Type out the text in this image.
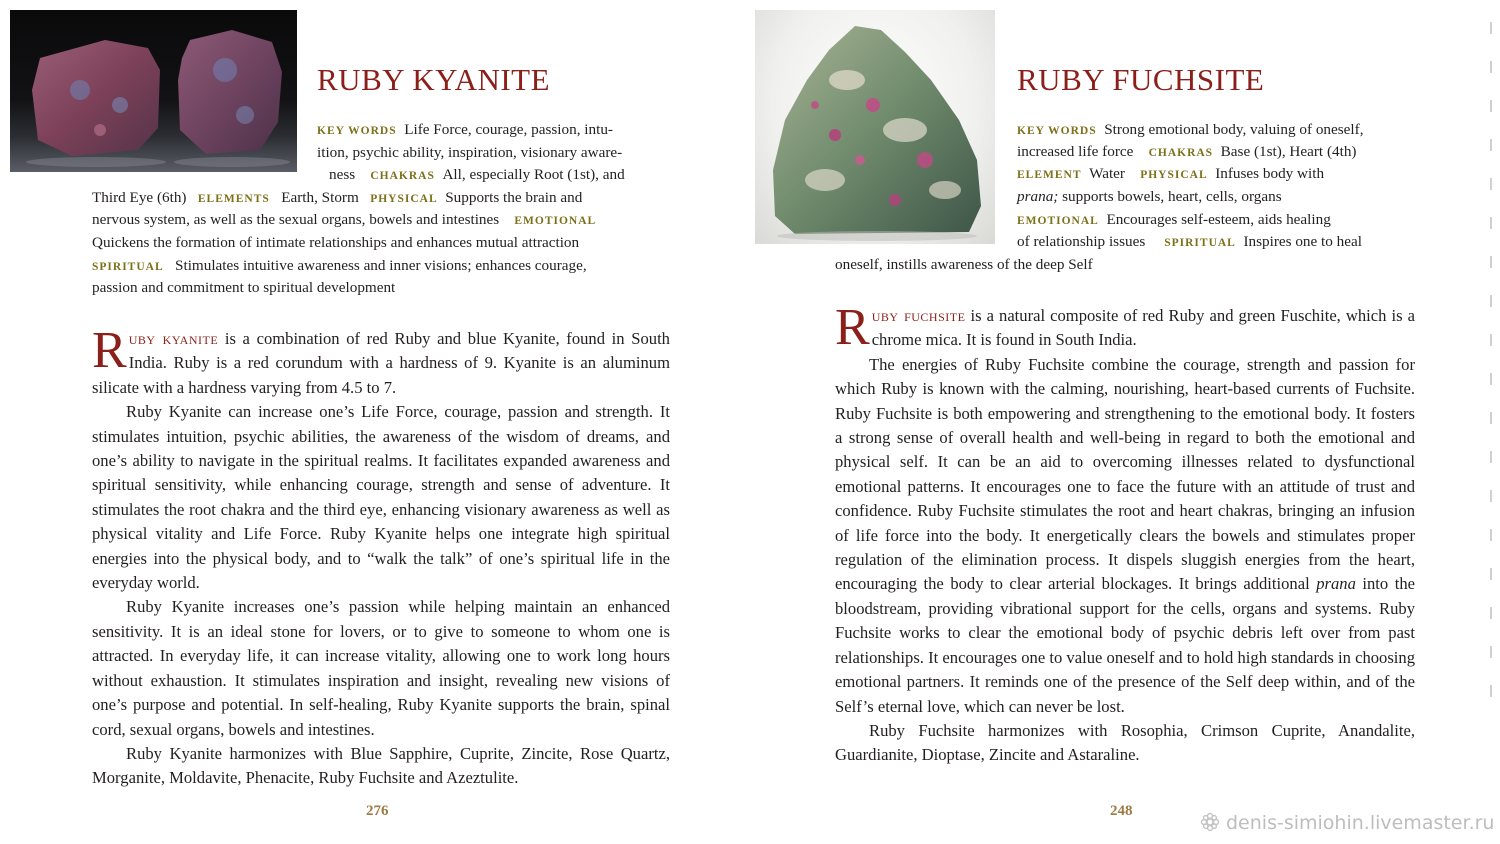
RUBY KYANITE
KEY WORDS Life Force, courage, passion, intu-
ition, psychic ability, inspiration, visionary aware-
ness CHAKRAS All, especially Root (1st), and
Third Eye (6th) ELEMENTS Earth, Storm PHYSICAL Supports the brain and
nervous system, as well as the sexual organs, bowels and intestines EMOTIONAL
Quickens the formation of intimate relationships and enhances mutual attraction
SPIRITUAL Stimulates intuitive awareness and inner visions; enhances courage,
passion and commitment to spiritual development

Ruby kyanite is a combination of red Ruby and blue Kyanite, found in South India. Ruby is a red corundum with a hardness of 9. Kyanite is an aluminum silicate with a hardness varying from 4.5 to 7.

Ruby Kyanite can increase one’s Life Force, courage, passion and strength. It stimulates intuition, psychic abilities, the awareness of the wisdom of dreams, and one’s ability to navigate in the spiritual realms. It facilitates expanded awareness and spiritual sensitivity, while enhancing courage, strength and sense of adventure. It stimulates the root chakra and the third eye, enhancing visionary awareness as well as physical vitality and Life Force. Ruby Kyanite helps one integrate high spiritual energies into the physical body, and to “walk the talk” of one’s spiritual life in the everyday world.

Ruby Kyanite increases one’s passion while helping maintain an enhanced sensitivity. It is an ideal stone for lovers, or to give to someone to whom one is attracted. In everyday life, it can increase vitality, allowing one to work long hours without exhaustion. It stimulates inspiration and insight, revealing new visions of one’s purpose and potential. In self-healing, Ruby Kyanite supports the brain, spinal cord, sexual organs, bowels and intestines.

Ruby Kyanite harmonizes with Blue Sapphire, Cuprite, Zincite, Rose Quartz, Morganite, Moldavite, Phenacite, Ruby Fuchsite and Azeztulite.

276
RUBY FUCHSITE
KEY WORDS Strong emotional body, valuing of oneself,
increased life force CHAKRAS Base (1st), Heart (4th)
ELEMENT Water PHYSICAL Infuses body with
prana; supports bowels, heart, cells, organs
EMOTIONAL Encourages self-esteem, aids healing
of relationship issues SPIRITUAL Inspires one to heal
oneself, instills awareness of the deep Self

Ruby fuchsite is a natural composite of red Ruby and green Fuschite, which is a chrome mica. It is found in South India.

The energies of Ruby Fuchsite combine the courage, strength and passion for which Ruby is known with the calming, nourishing, heart-based currents of Fuchsite. Ruby Fuchsite is both empowering and strengthening to the emotional body. It fosters a strong sense of overall health and well-being in regard to both the emotional and physical self. It can be an aid to overcoming illnesses related to dysfunctional emotional patterns. It encourages one to face the future with an attitude of trust and confidence. Ruby Fuchsite stimulates the root and heart chakras, bringing an infusion of life force into the body. It energetically clears the bowels and stimulates proper regulation of the elimination process. It dispels sluggish energies from the heart, encouraging the body to clear arterial blockages. It brings additional prana into the bloodstream, providing vibrational support for the cells, organs and systems. Ruby Fuchsite works to clear the emotional body of psychic debris left over from past relationships. It encourages one to value oneself and to hold high standards in choosing emotional partners. It reminds one of the presence of the Self deep within, and of the Self’s eternal love, which can never be lost.

Ruby Fuchsite harmonizes with Rosophia, Crimson Cuprite, Anandalite, Guardianite, Dioptase, Zincite and Astaraline.

248
denis-simiohin.livemaster.ru
